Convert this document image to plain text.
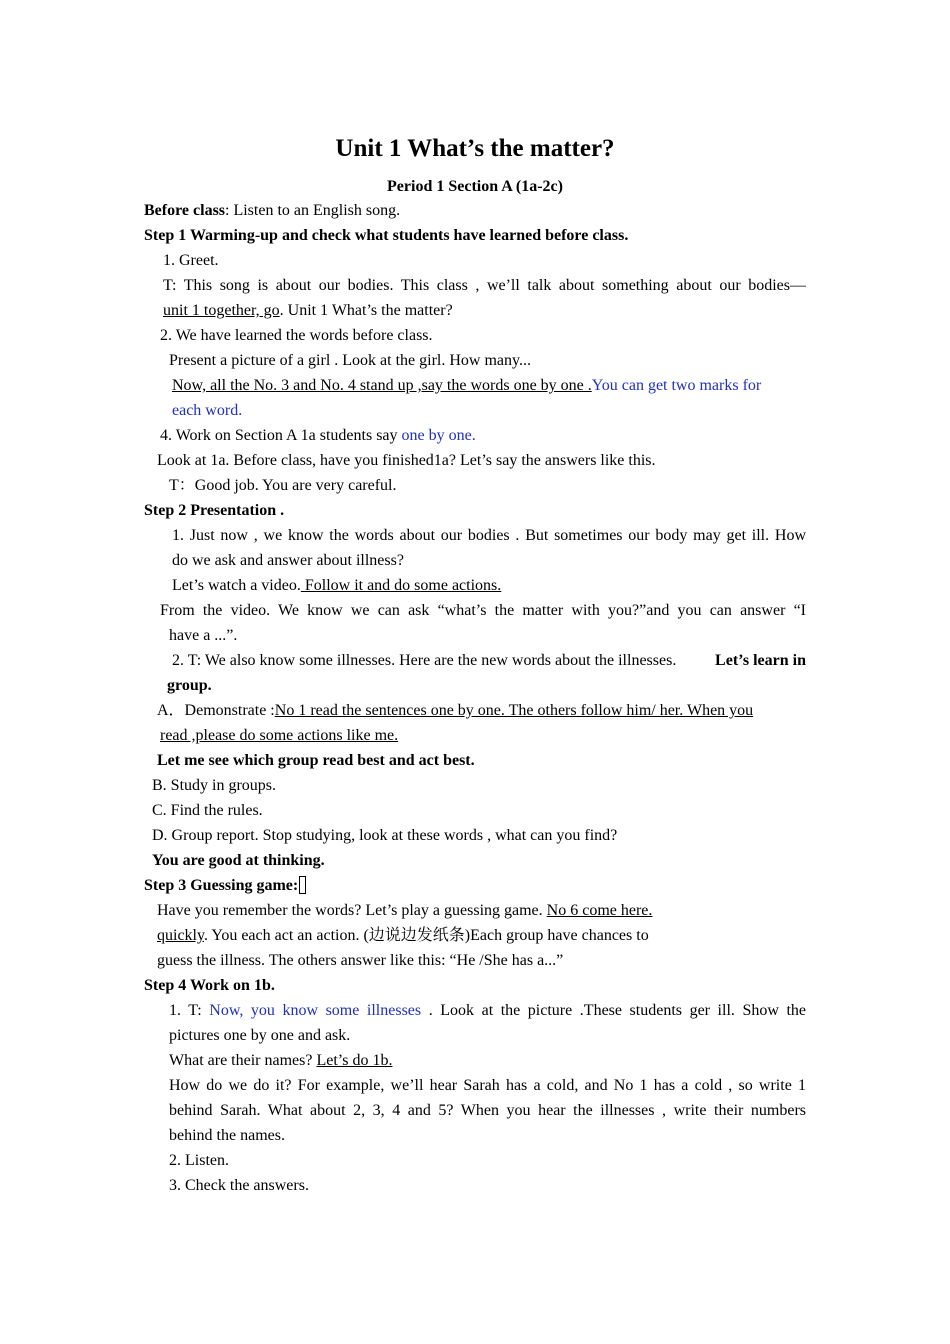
Unit 1 What’s the matter?
Period 1 Section A (1a-2c)
Before class: Listen to an English song.
Step 1 Warming-up and check what students have learned before class.
1. Greet.
T: This song is about our bodies. This class , we’ll talk about something about our bodies—
unit 1 together, go. Unit 1 What’s the matter?
2. We have learned the words before class.
Present a picture of a girl . Look at the girl. How many...
Now, all the No. 3 and No. 4 stand up ,say the words one by one .You can get two marks for
each word.
4. Work on Section A 1a students say one by one.
Look at 1a. Before class, have you finished1a? Let’s say the answers like this.
T：Good job. You are very careful.
Step 2 Presentation .
1. Just now , we know the words about our bodies . But sometimes our body may get ill. How
do we ask and answer about illness?
Let’s watch a video. Follow it and do some actions.
From the video. We know we can ask “what’s the matter with you?”and you can answer “I
have a ...”.
2. T: We also know some illnesses. Here are the new words about the illnesses. Let’s learn in
group.
A．Demonstrate :No 1 read the sentences one by one. The others follow him/ her. When you
read ,please do some actions like me.
Let me see which group read best and act best.
B. Study in groups.
C. Find the rules.
D. Group report. Stop studying, look at these words , what can you find?
You are good at thinking.
Step 3 Guessing game:
Have you remember the words? Let’s play a guessing game. No 6 come here.
quickly. You each act an action. (边说边发纸条)Each group have chances to
guess the illness. The others answer like this: “He /She has a...”
Step 4 Work on 1b.
1. T: Now, you know some illnesses . Look at the picture .These students ger ill. Show the
pictures one by one and ask.
What are their names? Let’s do 1b.
How do we do it? For example, we’ll hear Sarah has a cold, and No 1 has a cold , so write 1
behind Sarah. What about 2, 3, 4 and 5? When you hear the illnesses , write their numbers
behind the names.
2. Listen.
3. Check the answers.
